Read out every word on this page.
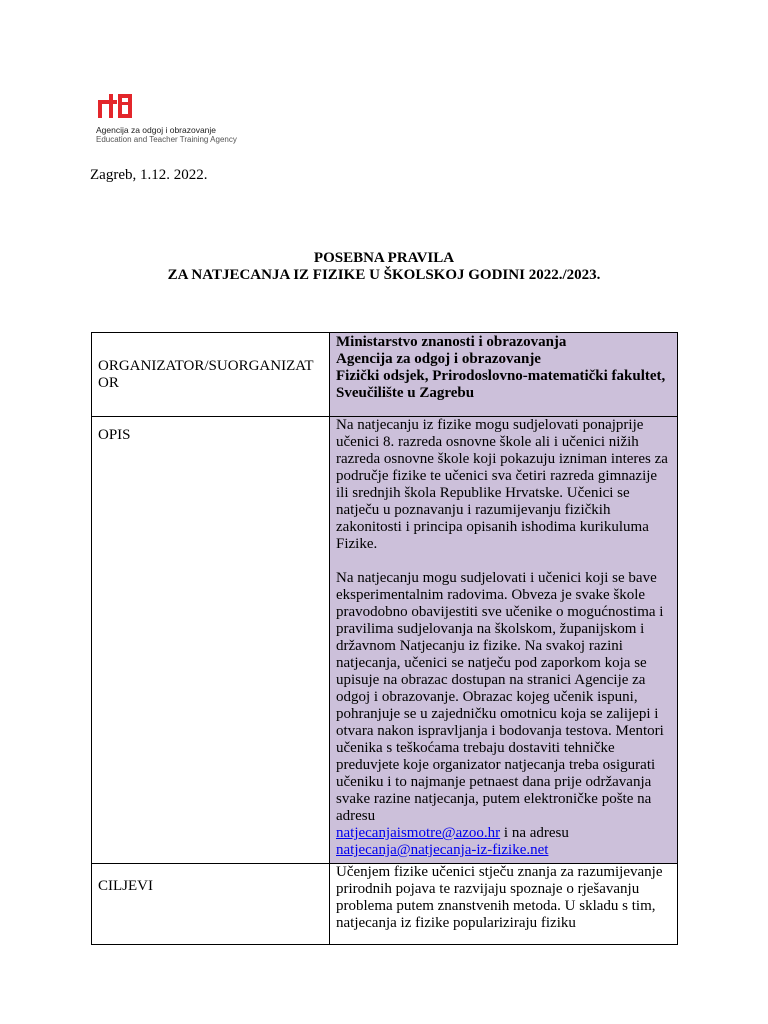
Agencija za odgoj i obrazovanje
Education and Teacher Training Agency
Zagreb, 1.12. 2022.
POSEBNA PRAVILA
ZA NATJECANJA IZ FIZIKE U ŠKOLSKOJ GODINI 2022./2023.
ORGANIZATOR/SUORGANIZATOR	Ministarstvo znanosti i obrazovanja
Agencija za odgoj i obrazovanje
Fizički odsjek, Prirodoslovno-matematički fakultet, Sveučilište u Zagrebu

OPIS	Na natjecanju iz fizike mogu sudjelovati ponajprije učenici 8. razreda osnovne škole ali i učenici nižih razreda osnovne škole koji pokazuju izniman interes za područje fizike te učenici sva četiri razreda gimnazije ili srednjih škola Republike Hrvatske. Učenici se natječu u poznavanju i razumijevanju fizičkih zakonitosti i principa opisanih ishodima kurikuluma Fizike.
Na natjecanju mogu sudjelovati i učenici koji se bave eksperimentalnim radovima. Obveza je svake škole pravodobno obavijestiti sve učenike o mogućnostima i pravilima sudjelovanja na školskom, županijskom i državnom Natjecanju iz fizike. Na svakoj razini natjecanja, učenici se natječu pod zaporkom koja se upisuje na obrazac dostupan na stranici Agencije za odgoj i obrazovanje. Obrazac kojeg učenik ispuni, pohranjuje se u zajedničku omotnicu koja se zalijepi i otvara nakon ispravljanja i bodovanja testova. Mentori učenika s teškoćama trebaju dostaviti tehničke preduvjete koje organizator natjecanja treba osigurati učeniku i to najmanje petnaest dana prije održavanja svake razine natjecanja, putem elektroničke pošte na adresu
natjecanjaismotre@azoo.hr i na adresu
natjecanja@natjecanja-iz-fizike.net
CILJEVI	Učenjem fizike učenici stječu znanja za razumijevanje prirodnih pojava te razvijaju spoznaje o rješavanju problema putem znanstvenih metoda. U skladu s tim, natjecanja iz fizike populariziraju fiziku
